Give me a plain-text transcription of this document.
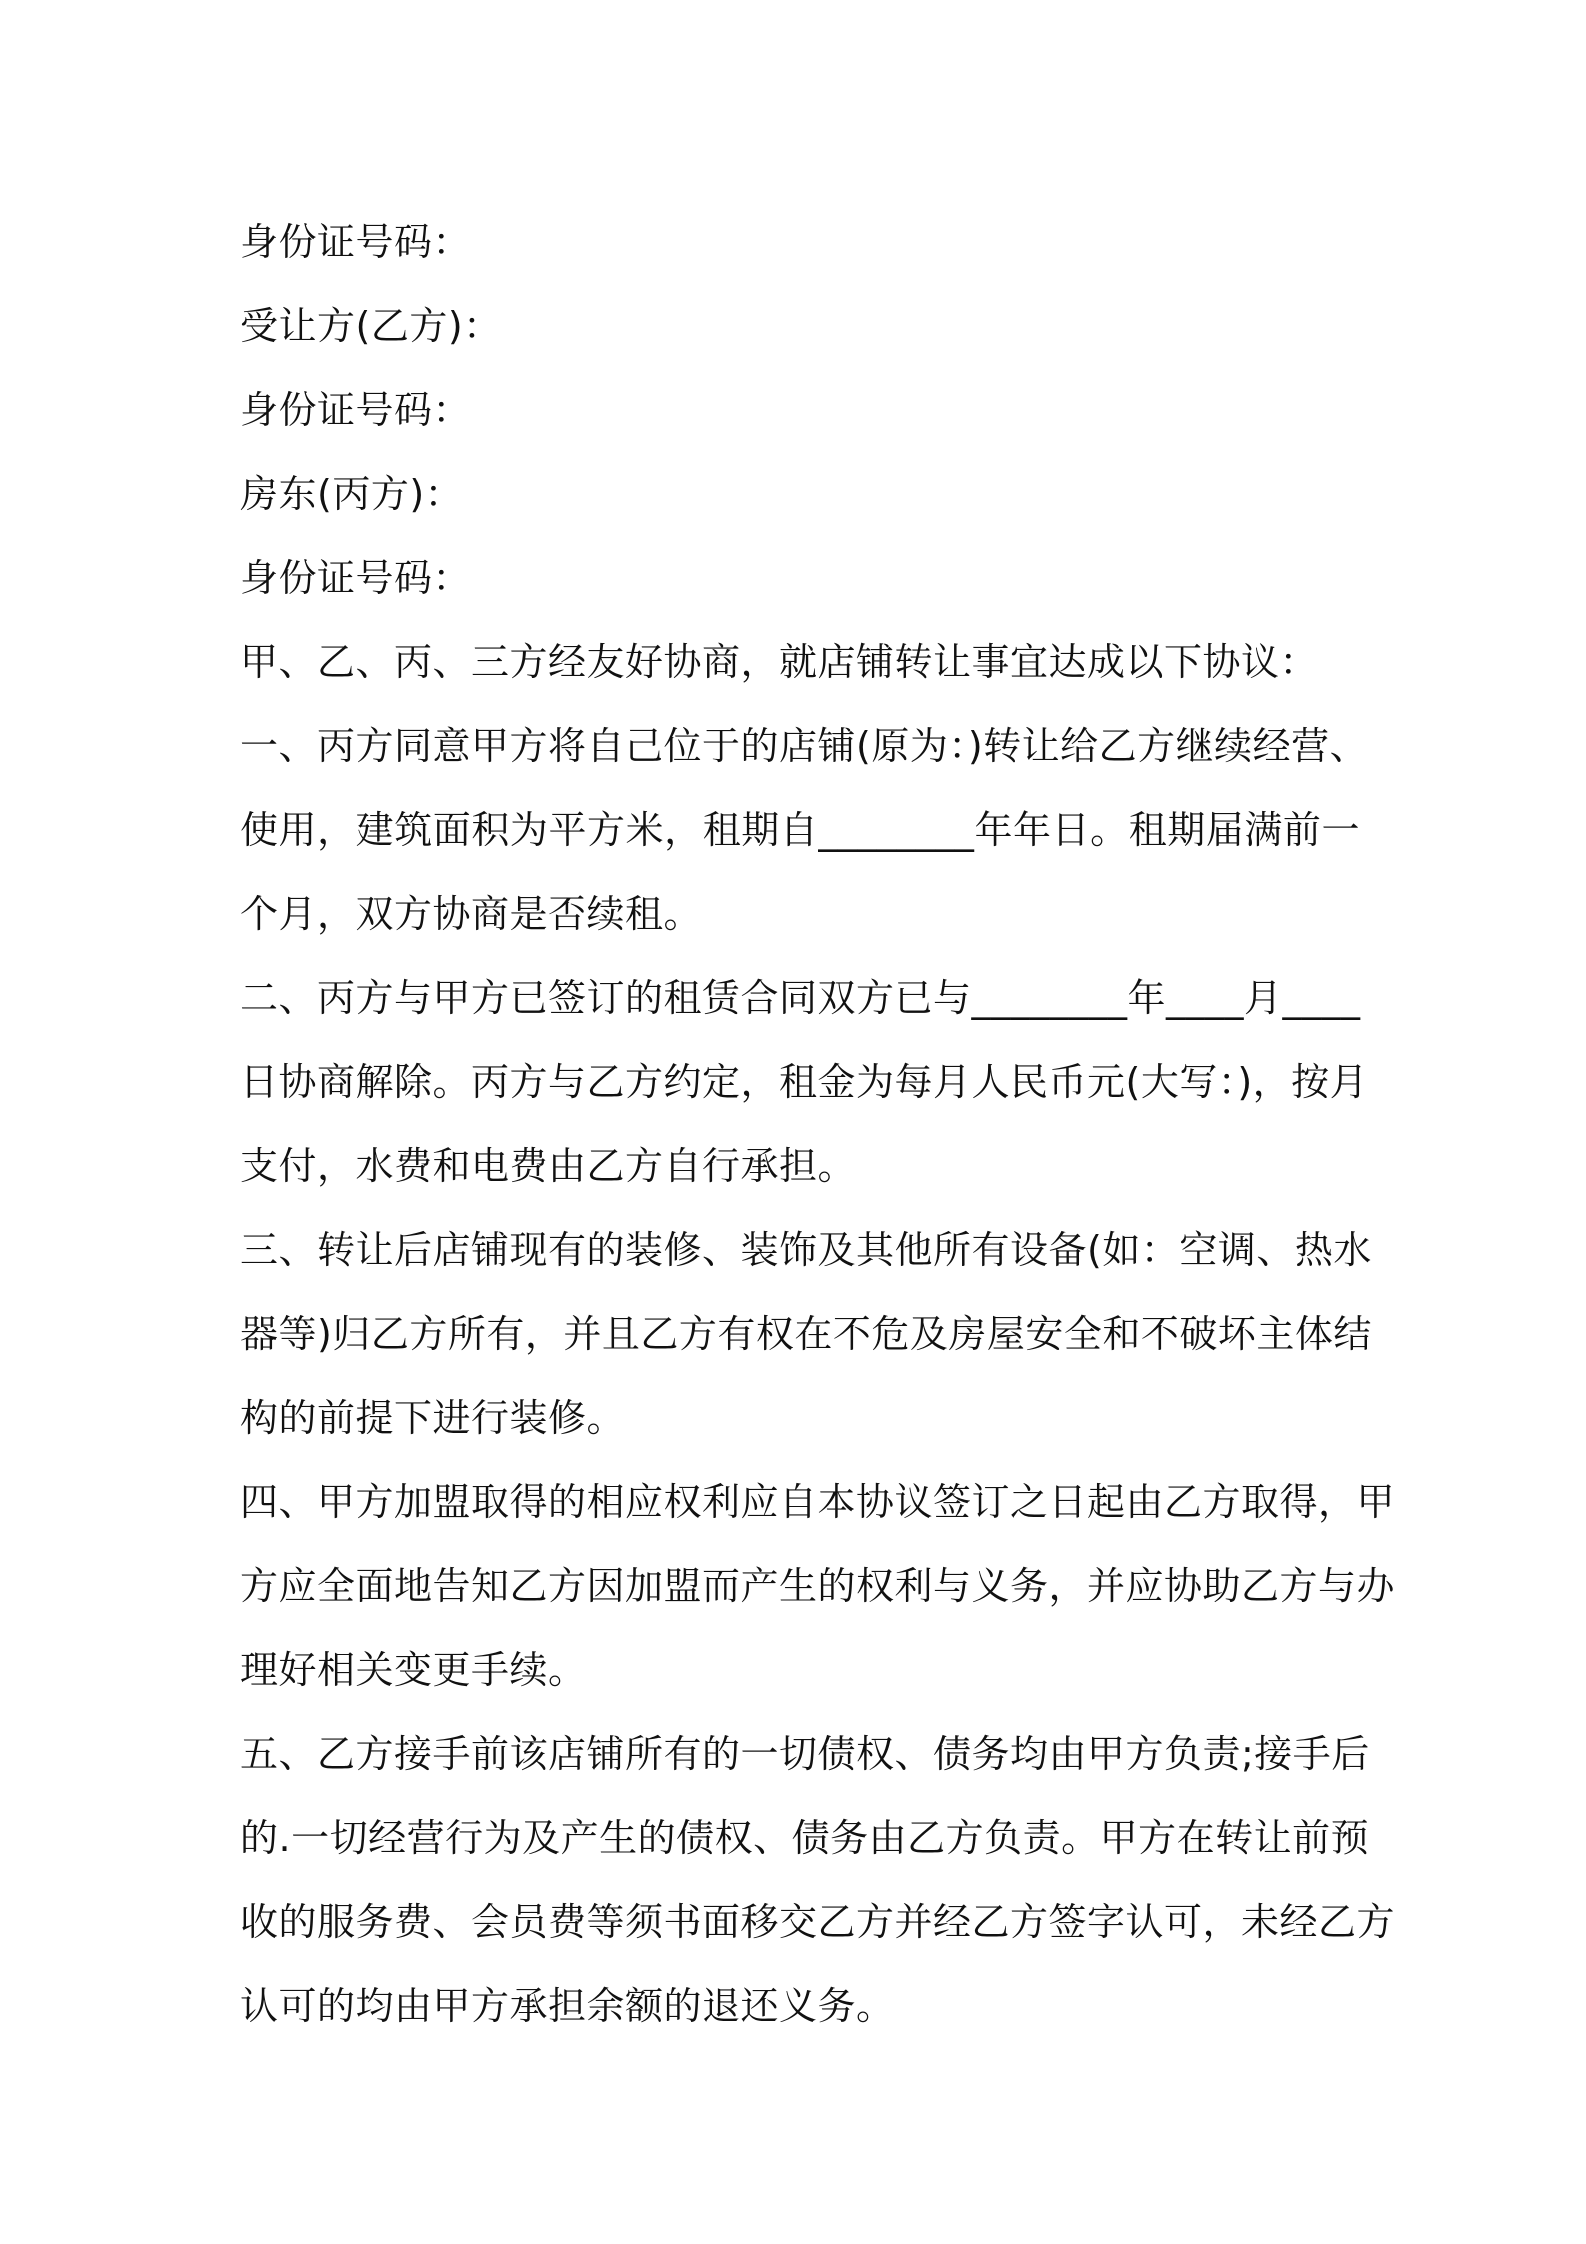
身份证号码：
受让方(乙方)：
身份证号码：
房东(丙方)：
身份证号码：
甲、乙、丙、三方经友好协商，就店铺转让事宜达成以下协议：
一、丙方同意甲方将自己位于的店铺(原为：)转让给乙方继续经营、
使用，建筑面积为平方米，租期自________年年日。租期届满前一
个月，双方协商是否续租。
二、丙方与甲方已签订的租赁合同双方已与________年____月____
日协商解除。丙方与乙方约定，租金为每月人民币元(大写：)，按月
支付，水费和电费由乙方自行承担。
三、转让后店铺现有的装修、装饰及其他所有设备(如：空调、热水
器等)归乙方所有，并且乙方有权在不危及房屋安全和不破坏主体结
构的前提下进行装修。
四、甲方加盟取得的相应权利应自本协议签订之日起由乙方取得，甲
方应全面地告知乙方因加盟而产生的权利与义务，并应协助乙方与办
理好相关变更手续。
五、乙方接手前该店铺所有的一切债权、债务均由甲方负责;接手后
的.一切经营行为及产生的债权、债务由乙方负责。甲方在转让前预
收的服务费、会员费等须书面移交乙方并经乙方签字认可，未经乙方
认可的均由甲方承担余额的退还义务。
